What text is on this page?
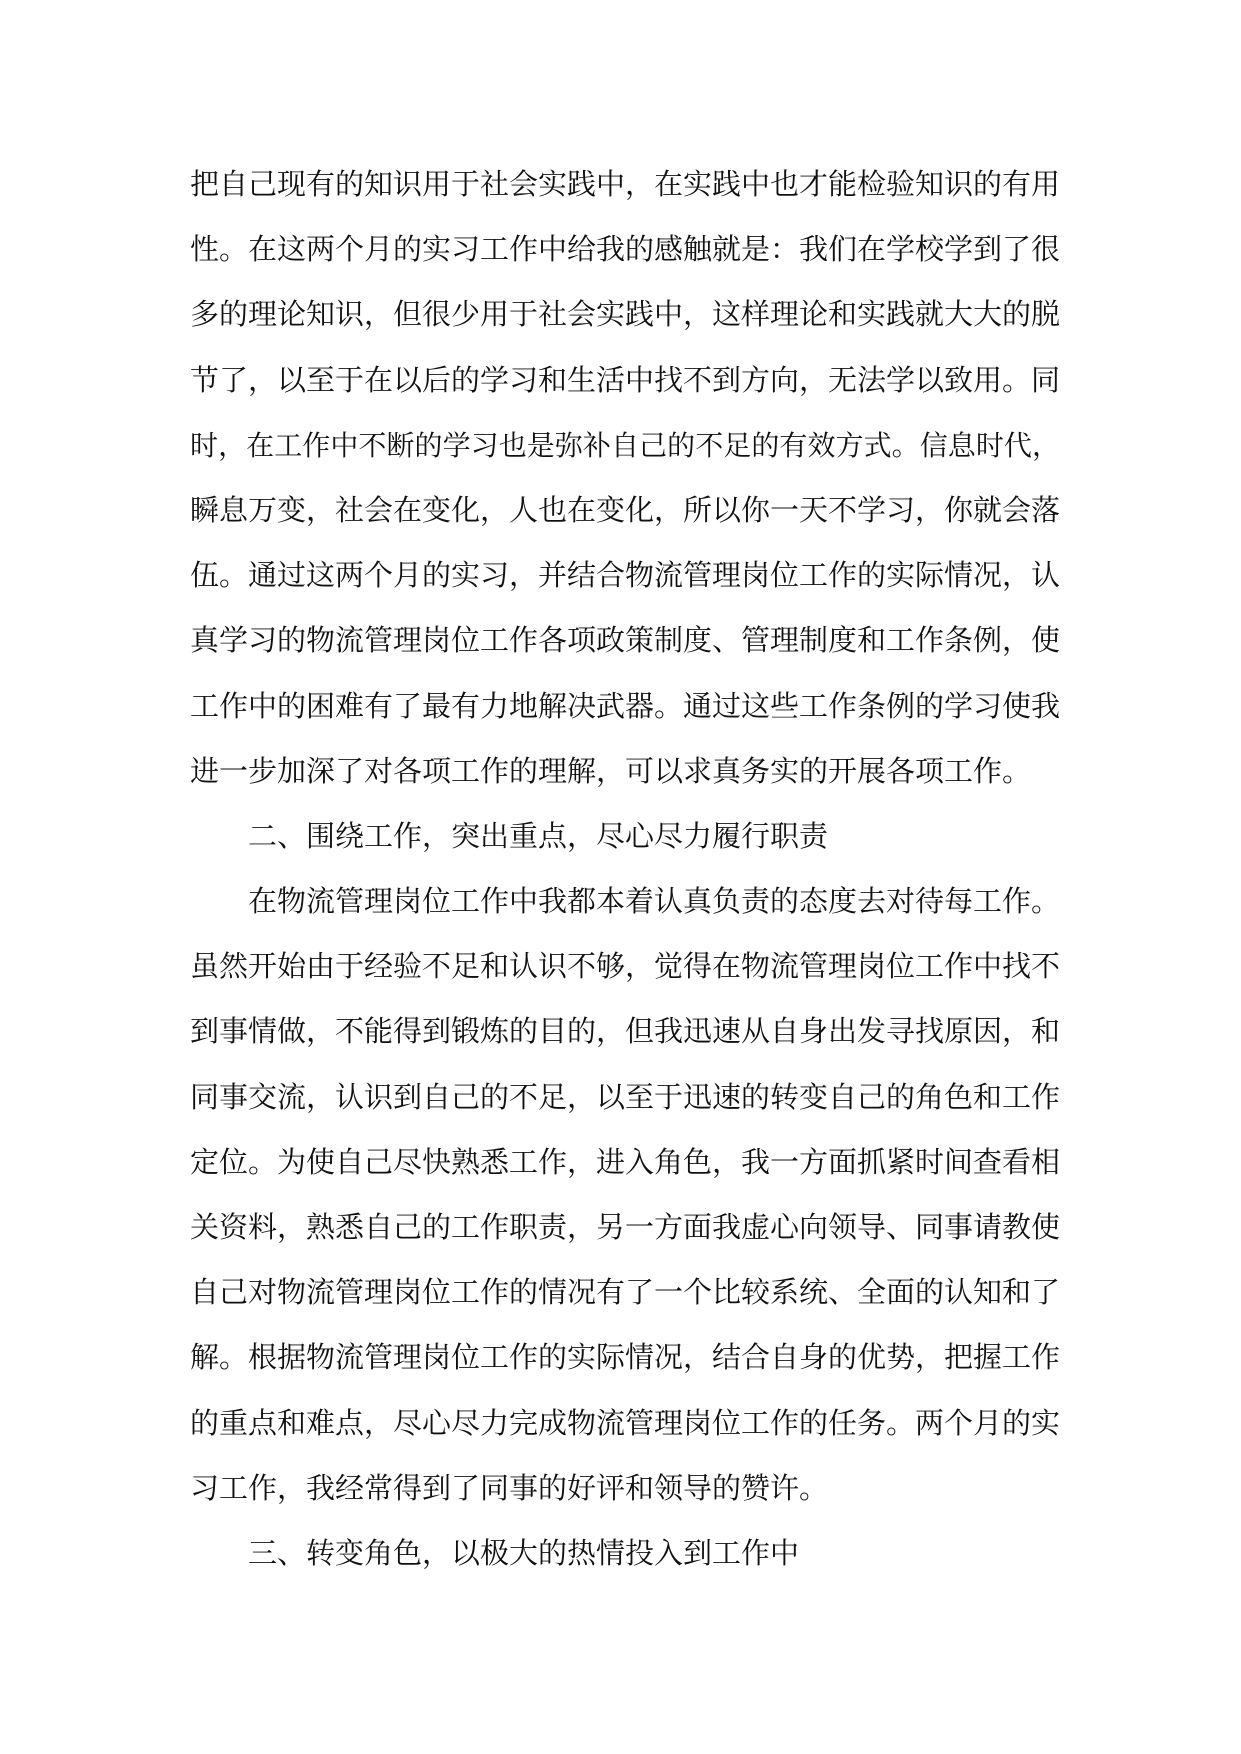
把自己现有的知识用于社会实践中，在实践中也才能检验知识的有用
性。在这两个月的实习工作中给我的感触就是：我们在学校学到了很
多的理论知识，但很少用于社会实践中，这样理论和实践就大大的脱
节了，以至于在以后的学习和生活中找不到方向，无法学以致用。同
时，在工作中不断的学习也是弥补自己的不足的有效方式。信息时代，
瞬息万变，社会在变化，人也在变化，所以你一天不学习，你就会落
伍。通过这两个月的实习，并结合物流管理岗位工作的实际情况，认
真学习的物流管理岗位工作各项政策制度、管理制度和工作条例，使
工作中的困难有了最有力地解决武器。通过这些工作条例的学习使我
进一步加深了对各项工作的理解，可以求真务实的开展各项工作。
二、围绕工作，突出重点，尽心尽力履行职责
在物流管理岗位工作中我都本着认真负责的态度去对待每工作。
虽然开始由于经验不足和认识不够，觉得在物流管理岗位工作中找不
到事情做，不能得到锻炼的目的，但我迅速从自身出发寻找原因，和
同事交流，认识到自己的不足，以至于迅速的转变自己的角色和工作
定位。为使自己尽快熟悉工作，进入角色，我一方面抓紧时间查看相
关资料，熟悉自己的工作职责，另一方面我虚心向领导、同事请教使
自己对物流管理岗位工作的情况有了一个比较系统、全面的认知和了
解。根据物流管理岗位工作的实际情况，结合自身的优势，把握工作
的重点和难点，尽心尽力完成物流管理岗位工作的任务。两个月的实
习工作，我经常得到了同事的好评和领导的赞许。
三、转变角色，以极大的热情投入到工作中
